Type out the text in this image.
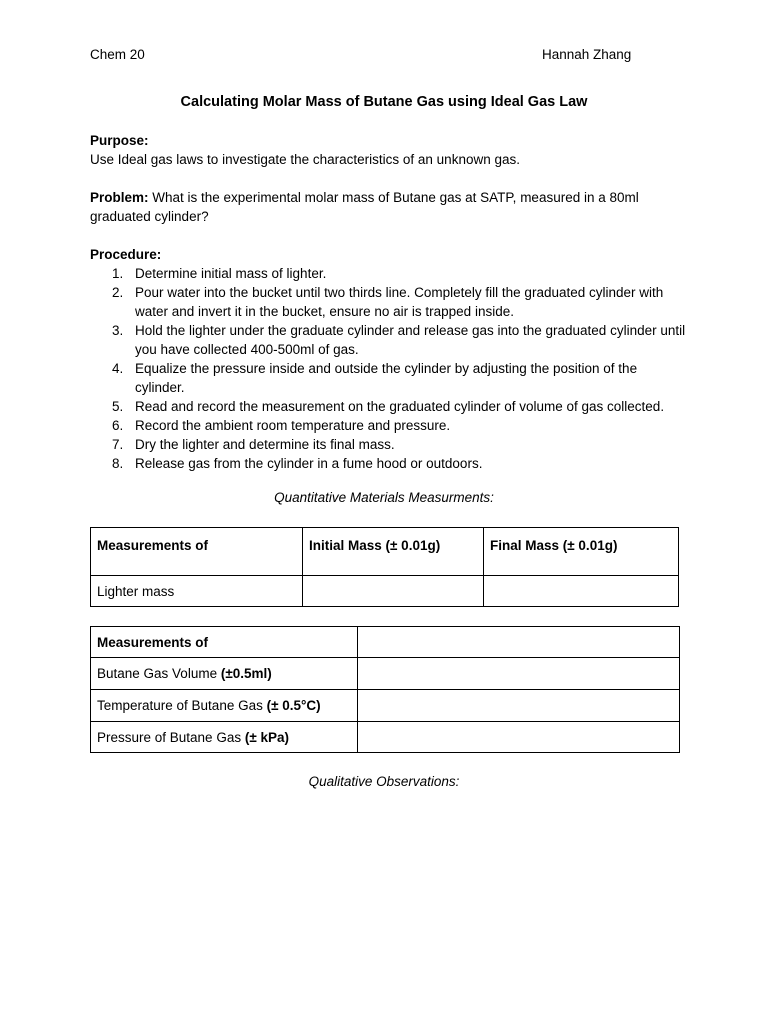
Chem 20	Hannah Zhang
Calculating Molar Mass of Butane Gas using Ideal Gas Law
Purpose:
Use Ideal gas laws to investigate the characteristics of an unknown gas.
Problem: What is the experimental molar mass of Butane gas at SATP, measured in a 80ml graduated cylinder?
Procedure:
1. Determine initial mass of lighter.
2. Pour water into the bucket until two thirds line. Completely fill the graduated cylinder with water and invert it in the bucket, ensure no air is trapped inside.
3. Hold the lighter under the graduate cylinder and release gas into the graduated cylinder until you have collected 400-500ml of gas.
4. Equalize the pressure inside and outside the cylinder by adjusting the position of the cylinder.
5. Read and record the measurement on the graduated cylinder of volume of gas collected.
6. Record the ambient room temperature and pressure.
7. Dry the lighter and determine its final mass.
8. Release gas from the cylinder in a fume hood or outdoors.
Quantitative Materials Measurments:
Measurements of	Initial Mass (± 0.01g)	Final Mass (± 0.01g)
Lighter mass		
Measurements of	
Butane Gas Volume (±0.5ml)	
Temperature of Butane Gas (± 0.5°C)	
Pressure of Butane Gas (± kPa)	
Qualitative Observations:
